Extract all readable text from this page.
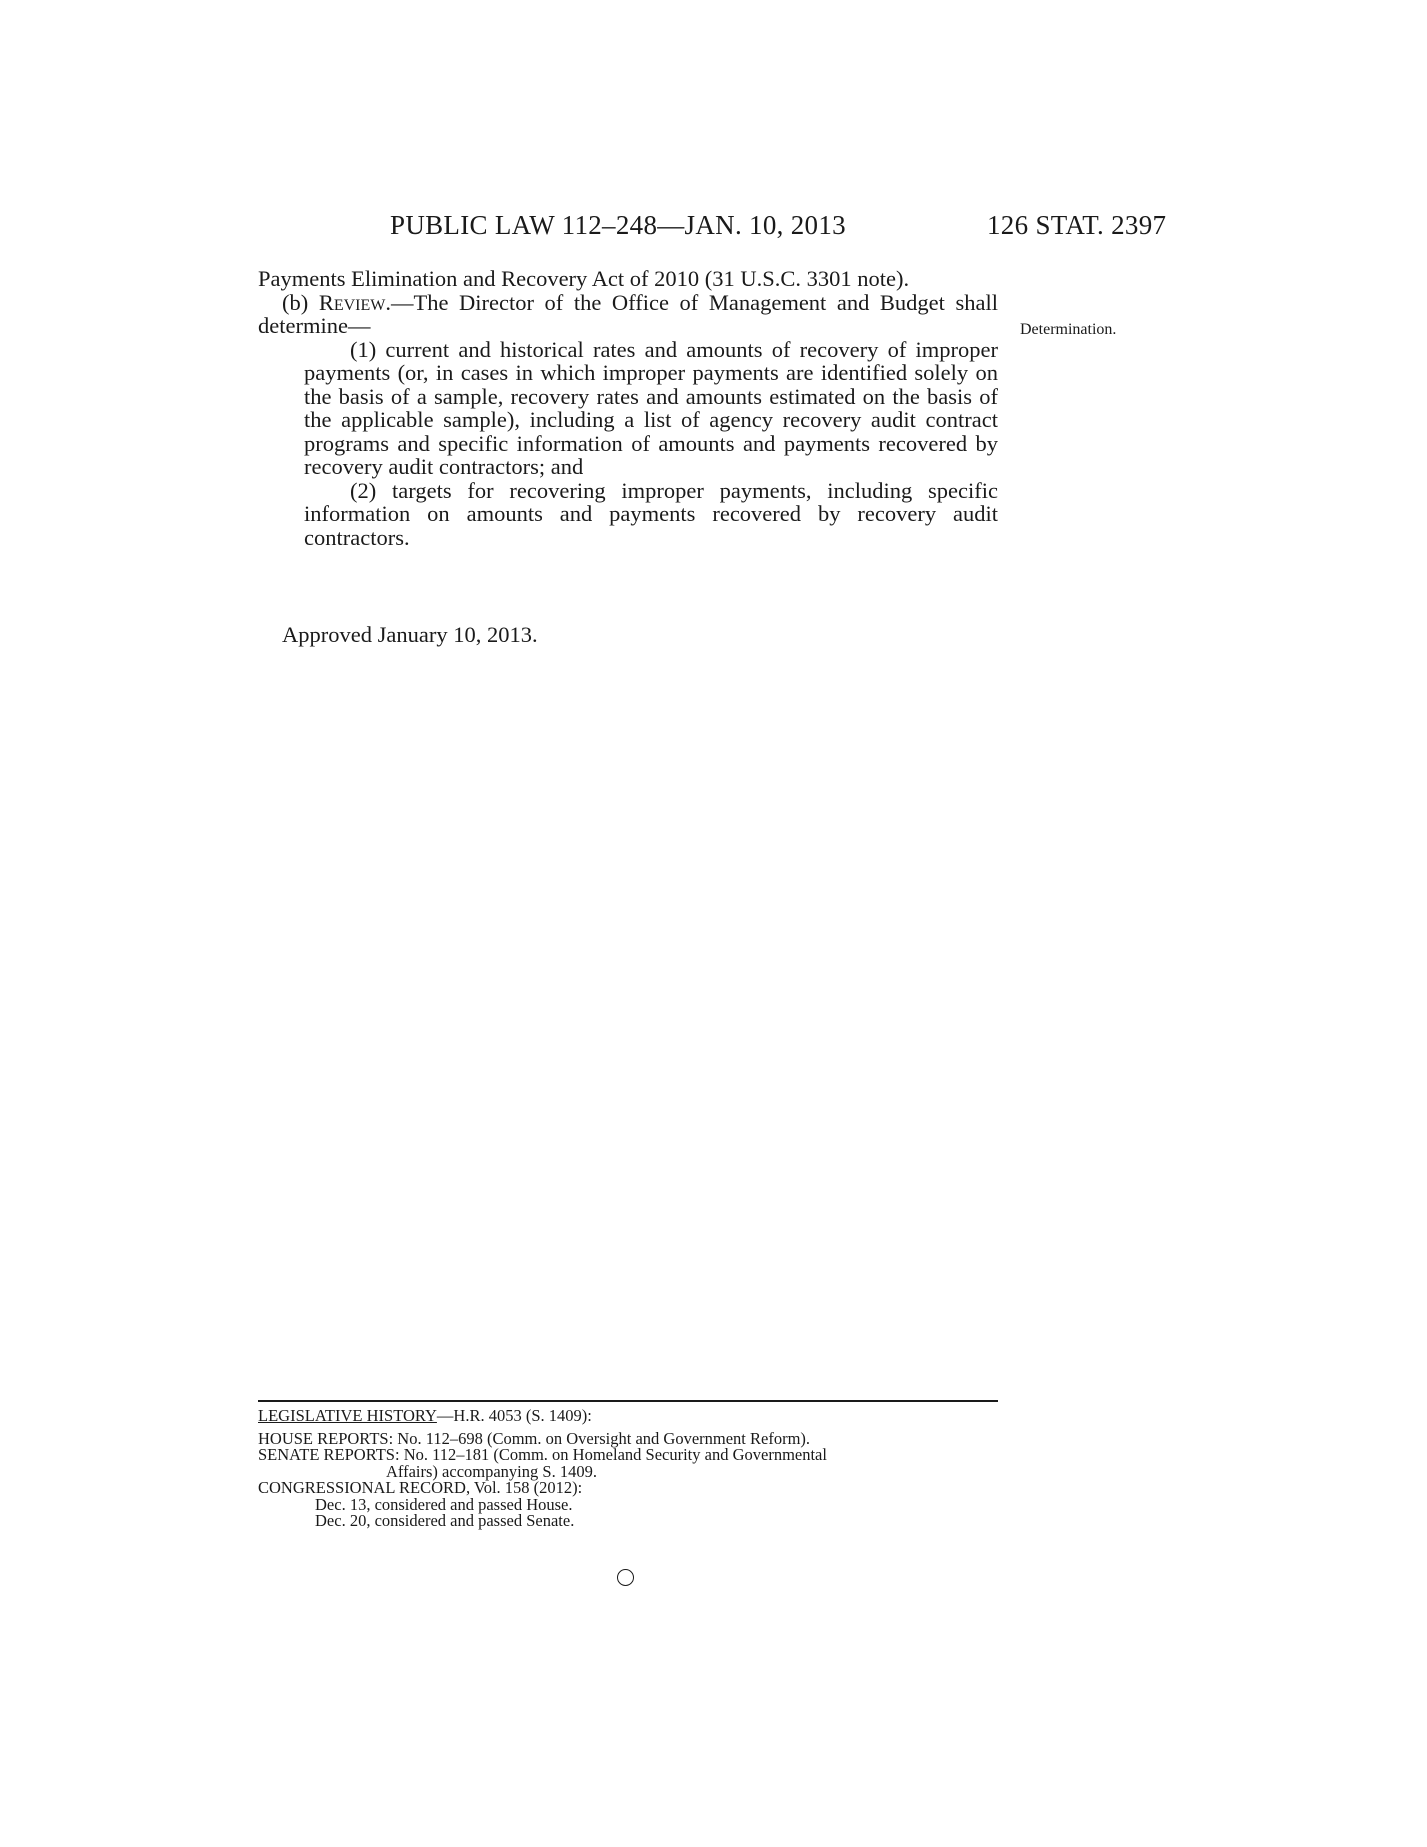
PUBLIC LAW 112–248—JAN. 10, 2013	126 STAT. 2397

Payments Elimination and Recovery Act of 2010 (31 U.S.C. 3301 note).

(b) Review.—The Director of the Office of Management and Budget shall determine—

(1) current and historical rates and amounts of recovery of improper payments (or, in cases in which improper payments are identified solely on the basis of a sample, recovery rates and amounts estimated on the basis of the applicable sample), including a list of agency recovery audit contract programs and specific information of amounts and payments recovered by recovery audit contractors; and

(2) targets for recovering improper payments, including specific information on amounts and payments recovered by recovery audit contractors.

Determination.
Approved January 10, 2013.

LEGISLATIVE HISTORY—H.R. 4053 (S. 1409):

HOUSE REPORTS: No. 112–698 (Comm. on Oversight and Government Reform).

SENATE REPORTS: No. 112–181 (Comm. on Homeland Security and Governmental

Affairs) accompanying S. 1409.

CONGRESSIONAL RECORD, Vol. 158 (2012):

Dec. 13, considered and passed House.

Dec. 20, considered and passed Senate.
